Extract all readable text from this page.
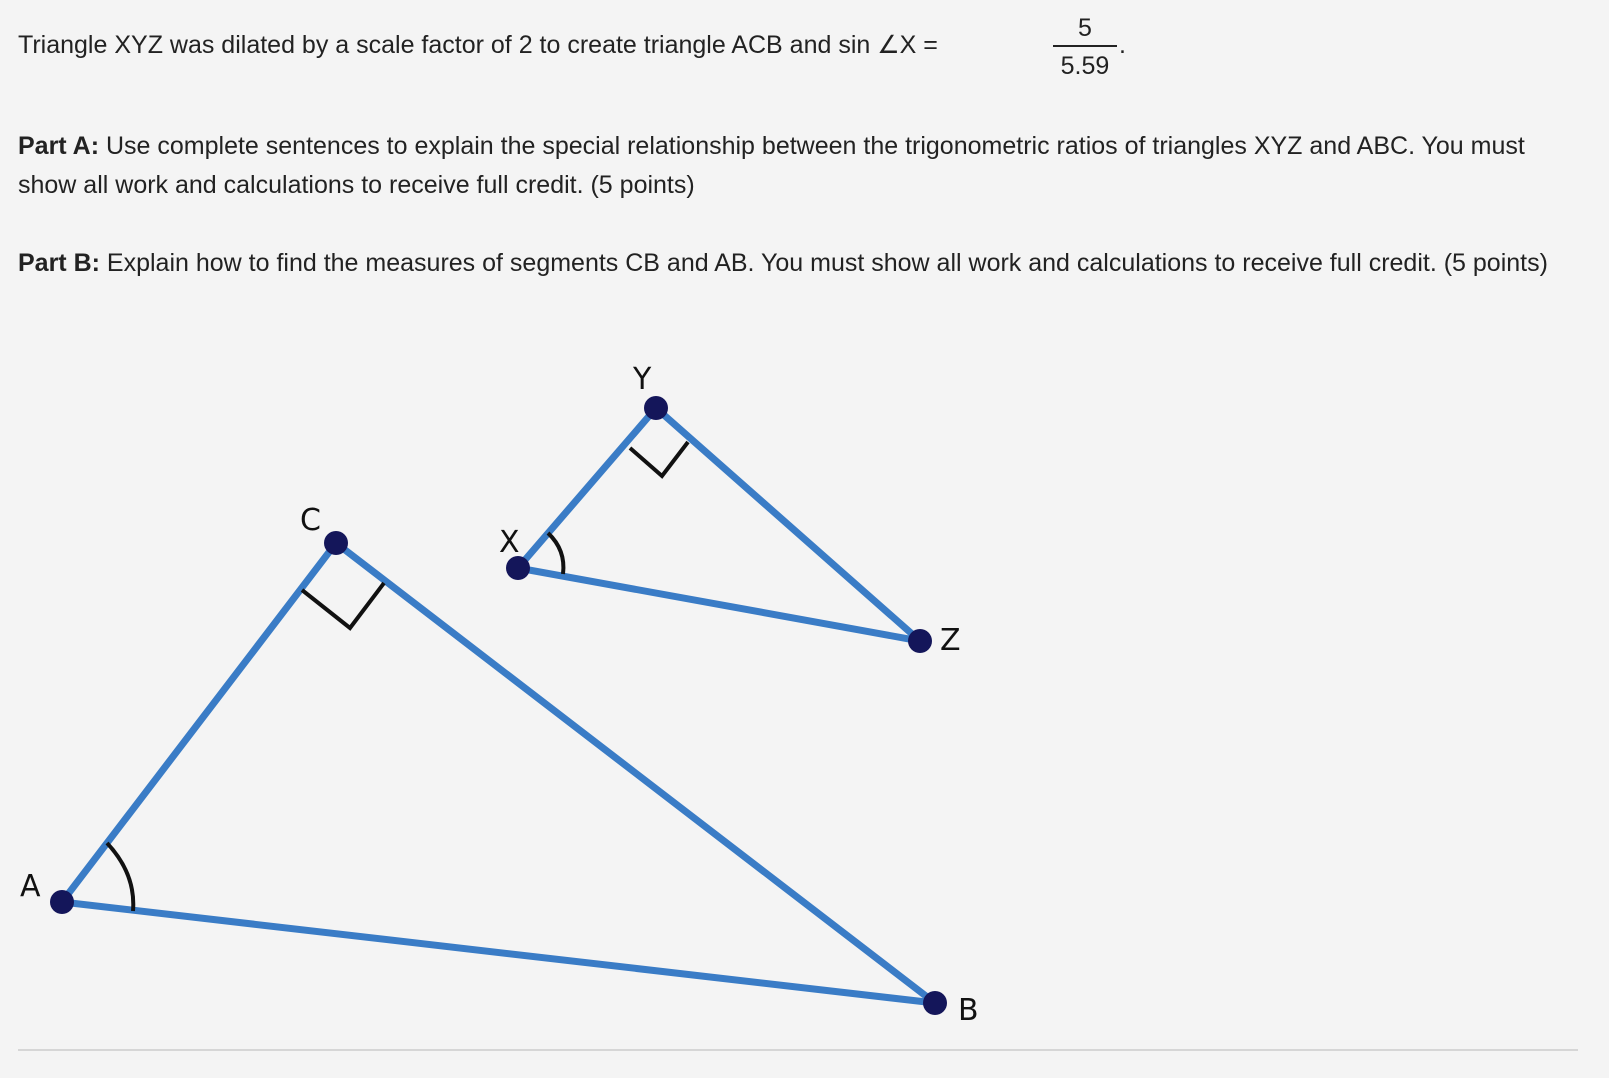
Triangle XYZ was dilated by a scale factor of 2 to create triangle ACB and sin ∠X =
5
5.59
.
Part A: Use complete sentences to explain the special relationship between the trigonometric ratios of triangles XYZ and ABC. You must show all work and calculations to receive full credit. (5 points)
Part B: Explain how to find the measures of segments CB and AB. You must show all work and calculations to receive full credit. (5 points)
A
C
B
X
Y
Z
